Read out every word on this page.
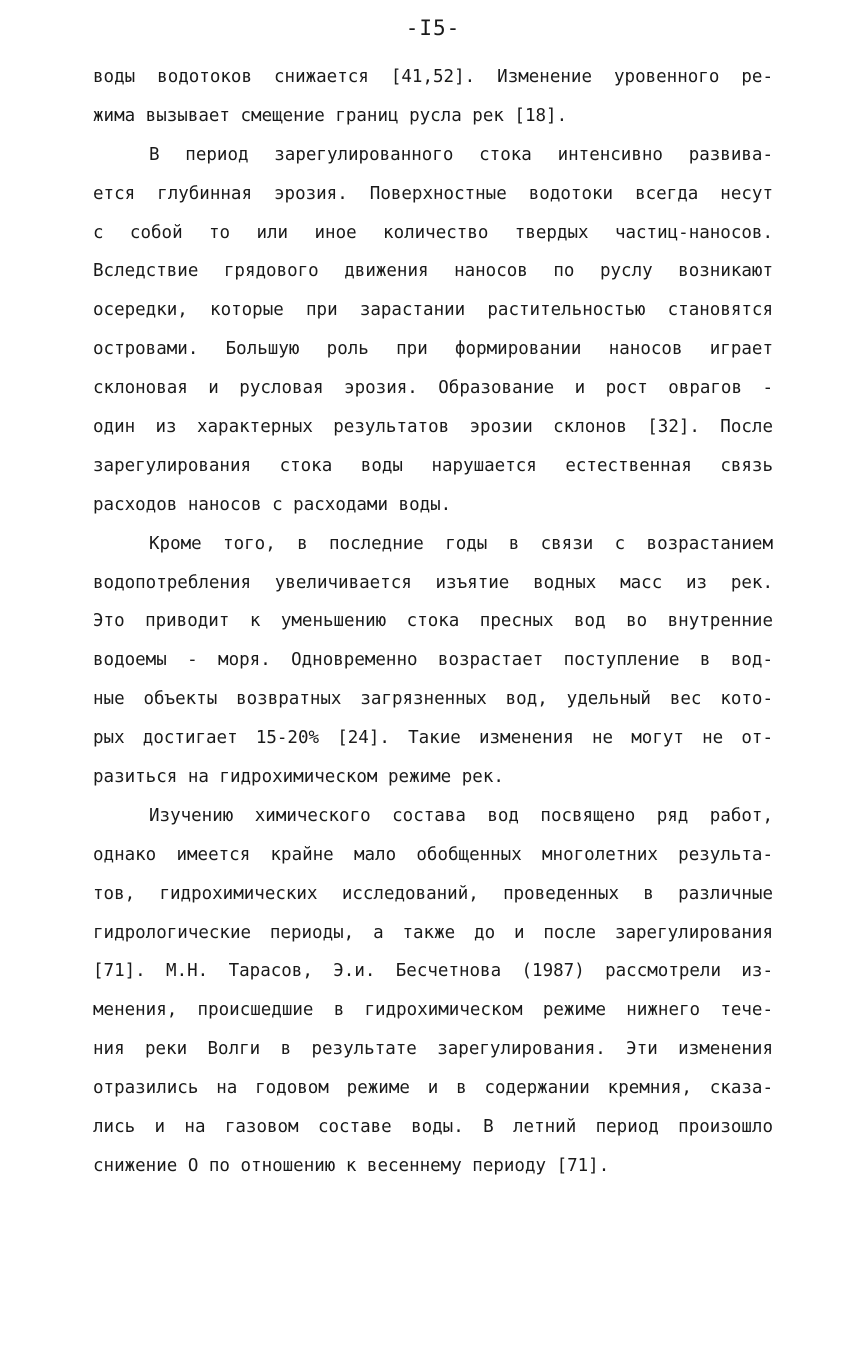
-I5-
воды водотоков снижается [41,52]. Изменение уровенного ре-
жима вызывает смещение границ русла рек [18].
В период зарегулированного стока интенсивно развива-
ется глубинная эрозия. Поверхностные водотоки всегда несут
с собой то или иное количество твердых частиц-наносов.
Вследствие грядового движения наносов по руслу возникают
осередки, которые при зарастании растительностью становятся
островами. Большую роль при формировании наносов играет
склоновая и русловая эрозия. Образование и рост оврагов -
один из характерных результатов эрозии склонов [32]. После
зарегулирования стока воды нарушается естественная связь
расходов наносов с расходами воды.
Кроме того, в последние годы в связи с возрастанием
водопотребления увеличивается изъятие водных масс из рек.
Это приводит к уменьшению стока пресных вод во внутренние
водоемы - моря. Одновременно возрастает поступление в вод-
ные объекты возвратных загрязненных вод, удельный вес кото-
рых достигает 15-20% [24]. Такие изменения не могут не от-
разиться на гидрохимическом режиме рек.
Изучению химического состава вод посвящено ряд работ,
однако имеется крайне мало обобщенных многолетних результа-
тов, гидрохимических исследований, проведенных в различные
гидрологические периоды, а также до и после зарегулирования
[71]. М.Н. Тарасов, Э.и. Бесчетнова (1987) рассмотрели из-
менения, происшедшие в гидрохимическом режиме нижнего тече-
ния реки Волги в результате зарегулирования. Эти изменения
отразились на годовом режиме и в содержании кремния, сказа-
лись и на газовом составе воды. В летний период произошло
снижение O по отношению к весеннему периоду [71].
